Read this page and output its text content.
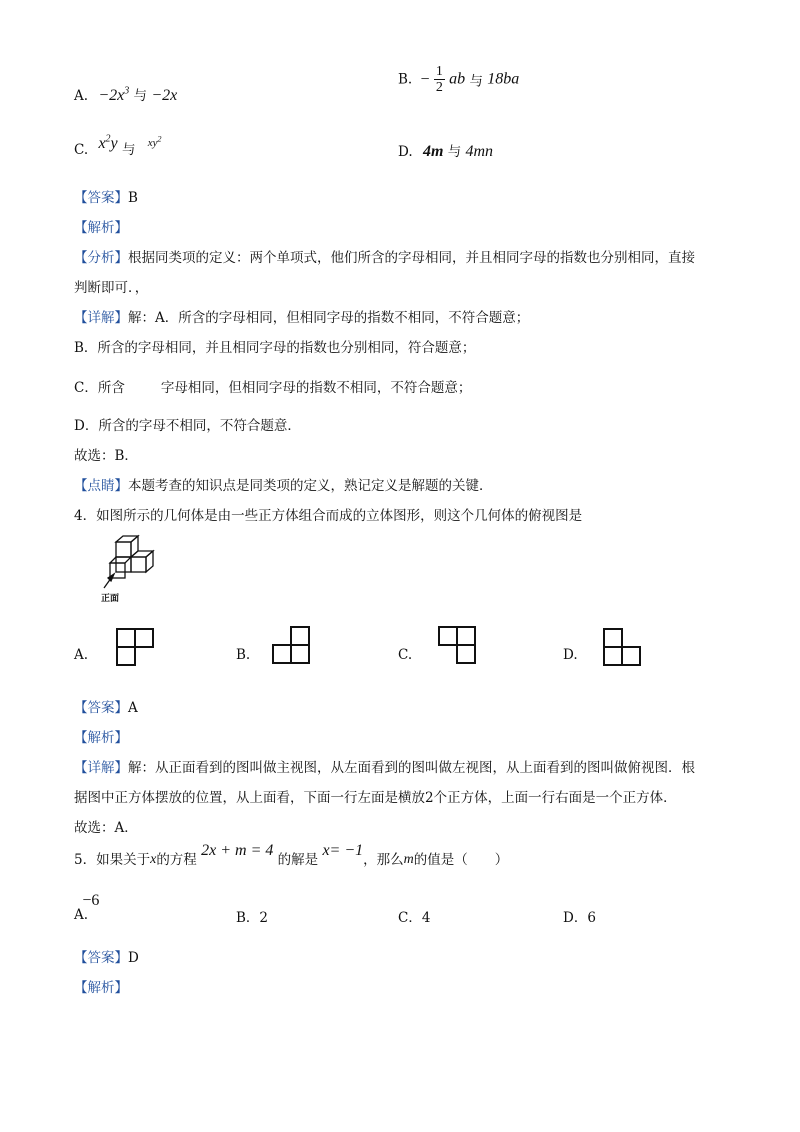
A. $-2x^3$ 与 −2x
B. − $\frac{1}{2}$ ab 与 18ba
C. $x^2y$ 与 $^{xy^2}$
D. 4m 与 4mn
【答案】B
【解析】
【分析】根据同类项的定义：两个单项式，他们所含的字母相同，并且相同字母的指数也分别相同，直接
判断即可．，
【详解】解：A．所含的字母相同，但相同字母的指数不相同，不符合题意；
B．所含的字母相同，并且相同字母的指数也分别相同，符合题意；
C．所含	字母相同，但相同字母的指数不相同，不符合题意；
D．所含的字母不相同，不符合题意．
故选：B．
【点睛】本题考查的知识点是同类项的定义，熟记定义是解题的关键．
4．如图所示的几何体是由一些正方体组合而成的立体图形，则这个几何体的俯视图是
正面
A.	B.	C.	D.
【答案】A
【解析】
【详解】解：从正面看到的图叫做主视图，从左面看到的图叫做左视图，从上面看到的图叫做俯视图．根
据图中正方体摆放的位置，从上面看，下面一行左面是横放2个正方体，上面一行右面是一个正方体．
故选：A．
5．如果关于x的方程 2x + m = 4 的解是 x= −1，那么m的值是（　　）
A. −6
B．2	C．4	D．6
【答案】D
【解析】
